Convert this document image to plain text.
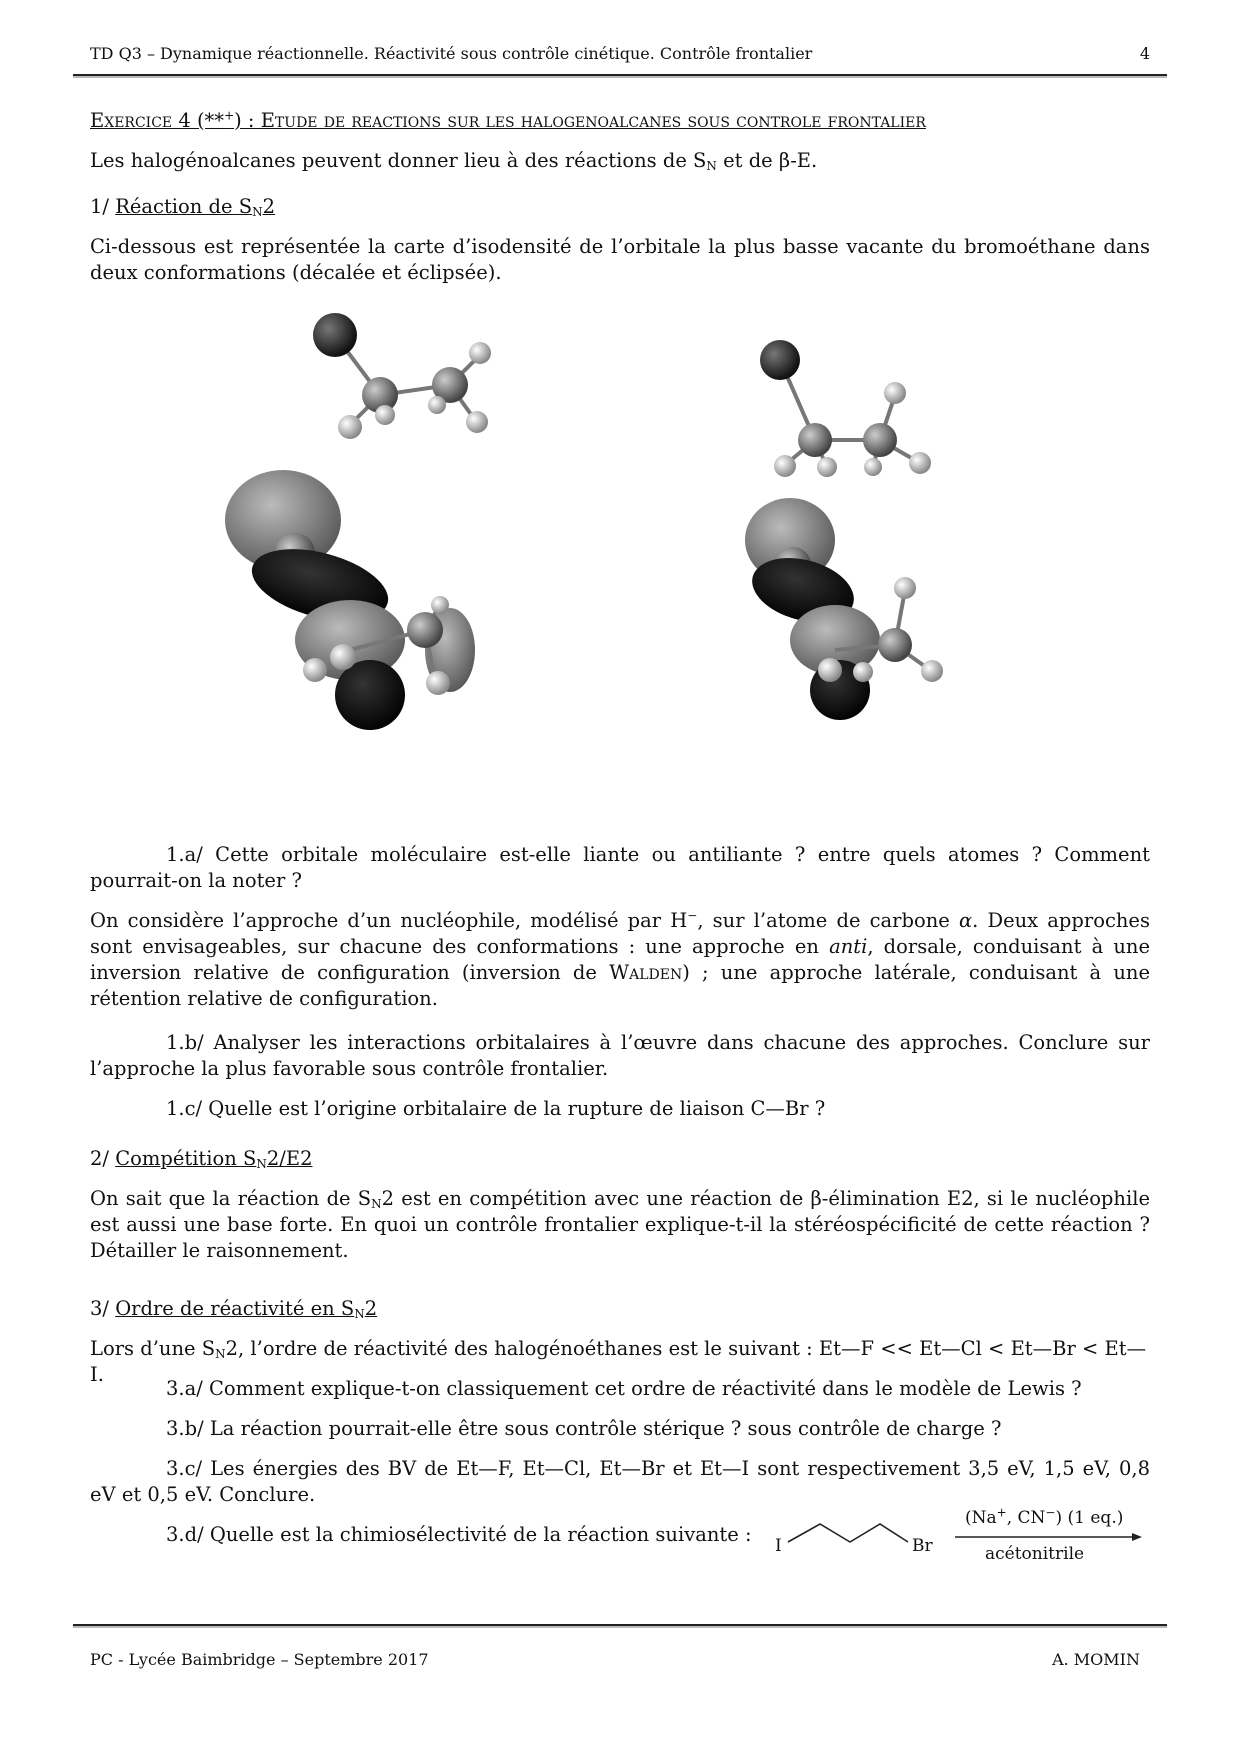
TD Q3 – Dynamique réactionnelle. Réactivité sous contrôle cinétique. Contrôle frontalier	4

Exercice 4 (**+) : Etude de reactions sur les halogenoalcanes sous controle frontalier

Les halogénoalcanes peuvent donner lieu à des réactions de $S_N$ et de β-E.

1/ Réaction de $S_N2$

Ci-dessous est représentée la carte d’isodensité de l’orbitale la plus basse vacante du bromoéthane dans deux conformations (décalée et éclipsée).

1.a/ Cette orbitale moléculaire est-elle liante ou antiliante ? entre quels atomes ? Comment pourrait-on la noter ?

On considère l’approche d’un nucléophile, modélisé par H−, sur l’atome de carbone α. Deux approches sont envisageables, sur chacune des conformations : une approche en anti, dorsale, conduisant à une inversion relative de configuration (inversion de Walden) ; une approche latérale, conduisant à une rétention relative de configuration.

1.b/ Analyser les interactions orbitalaires à l’œuvre dans chacune des approches. Conclure sur l’approche la plus favorable sous contrôle frontalier.

1.c/ Quelle est l’origine orbitalaire de la rupture de liaison C—Br ?

2/ Compétition $S_N2/E2$

On sait que la réaction de $S_N2$ est en compétition avec une réaction de β-élimination E2, si le nucléophile est aussi une base forte. En quoi un contrôle frontalier explique-t-il la stéréospécificité de cette réaction ? Détailler le raisonnement.

3/ Ordre de réactivité en $S_N2$

Lors d’une $S_N2$, l’ordre de réactivité des halogénoéthanes est le suivant : Et—F << Et—Cl < Et—Br < Et—I.

3.a/ Comment explique-t-on classiquement cet ordre de réactivité dans le modèle de Lewis ?

3.b/ La réaction pourrait-elle être sous contrôle stérique ? sous contrôle de charge ?

3.c/ Les énergies des BV de Et—F, Et—Cl, Et—Br et Et—I sont respectivement 3,5 eV, 1,5 eV, 0,8 eV et 0,5 eV. Conclure.

3.d/ Quelle est la chimiosélectivité de la réaction suivante :	I	Br
(Na+, CN−) (1 eq.)
acétonitrile
PC - Lycée Baimbridge – Septembre 2017	A. MOMIN
